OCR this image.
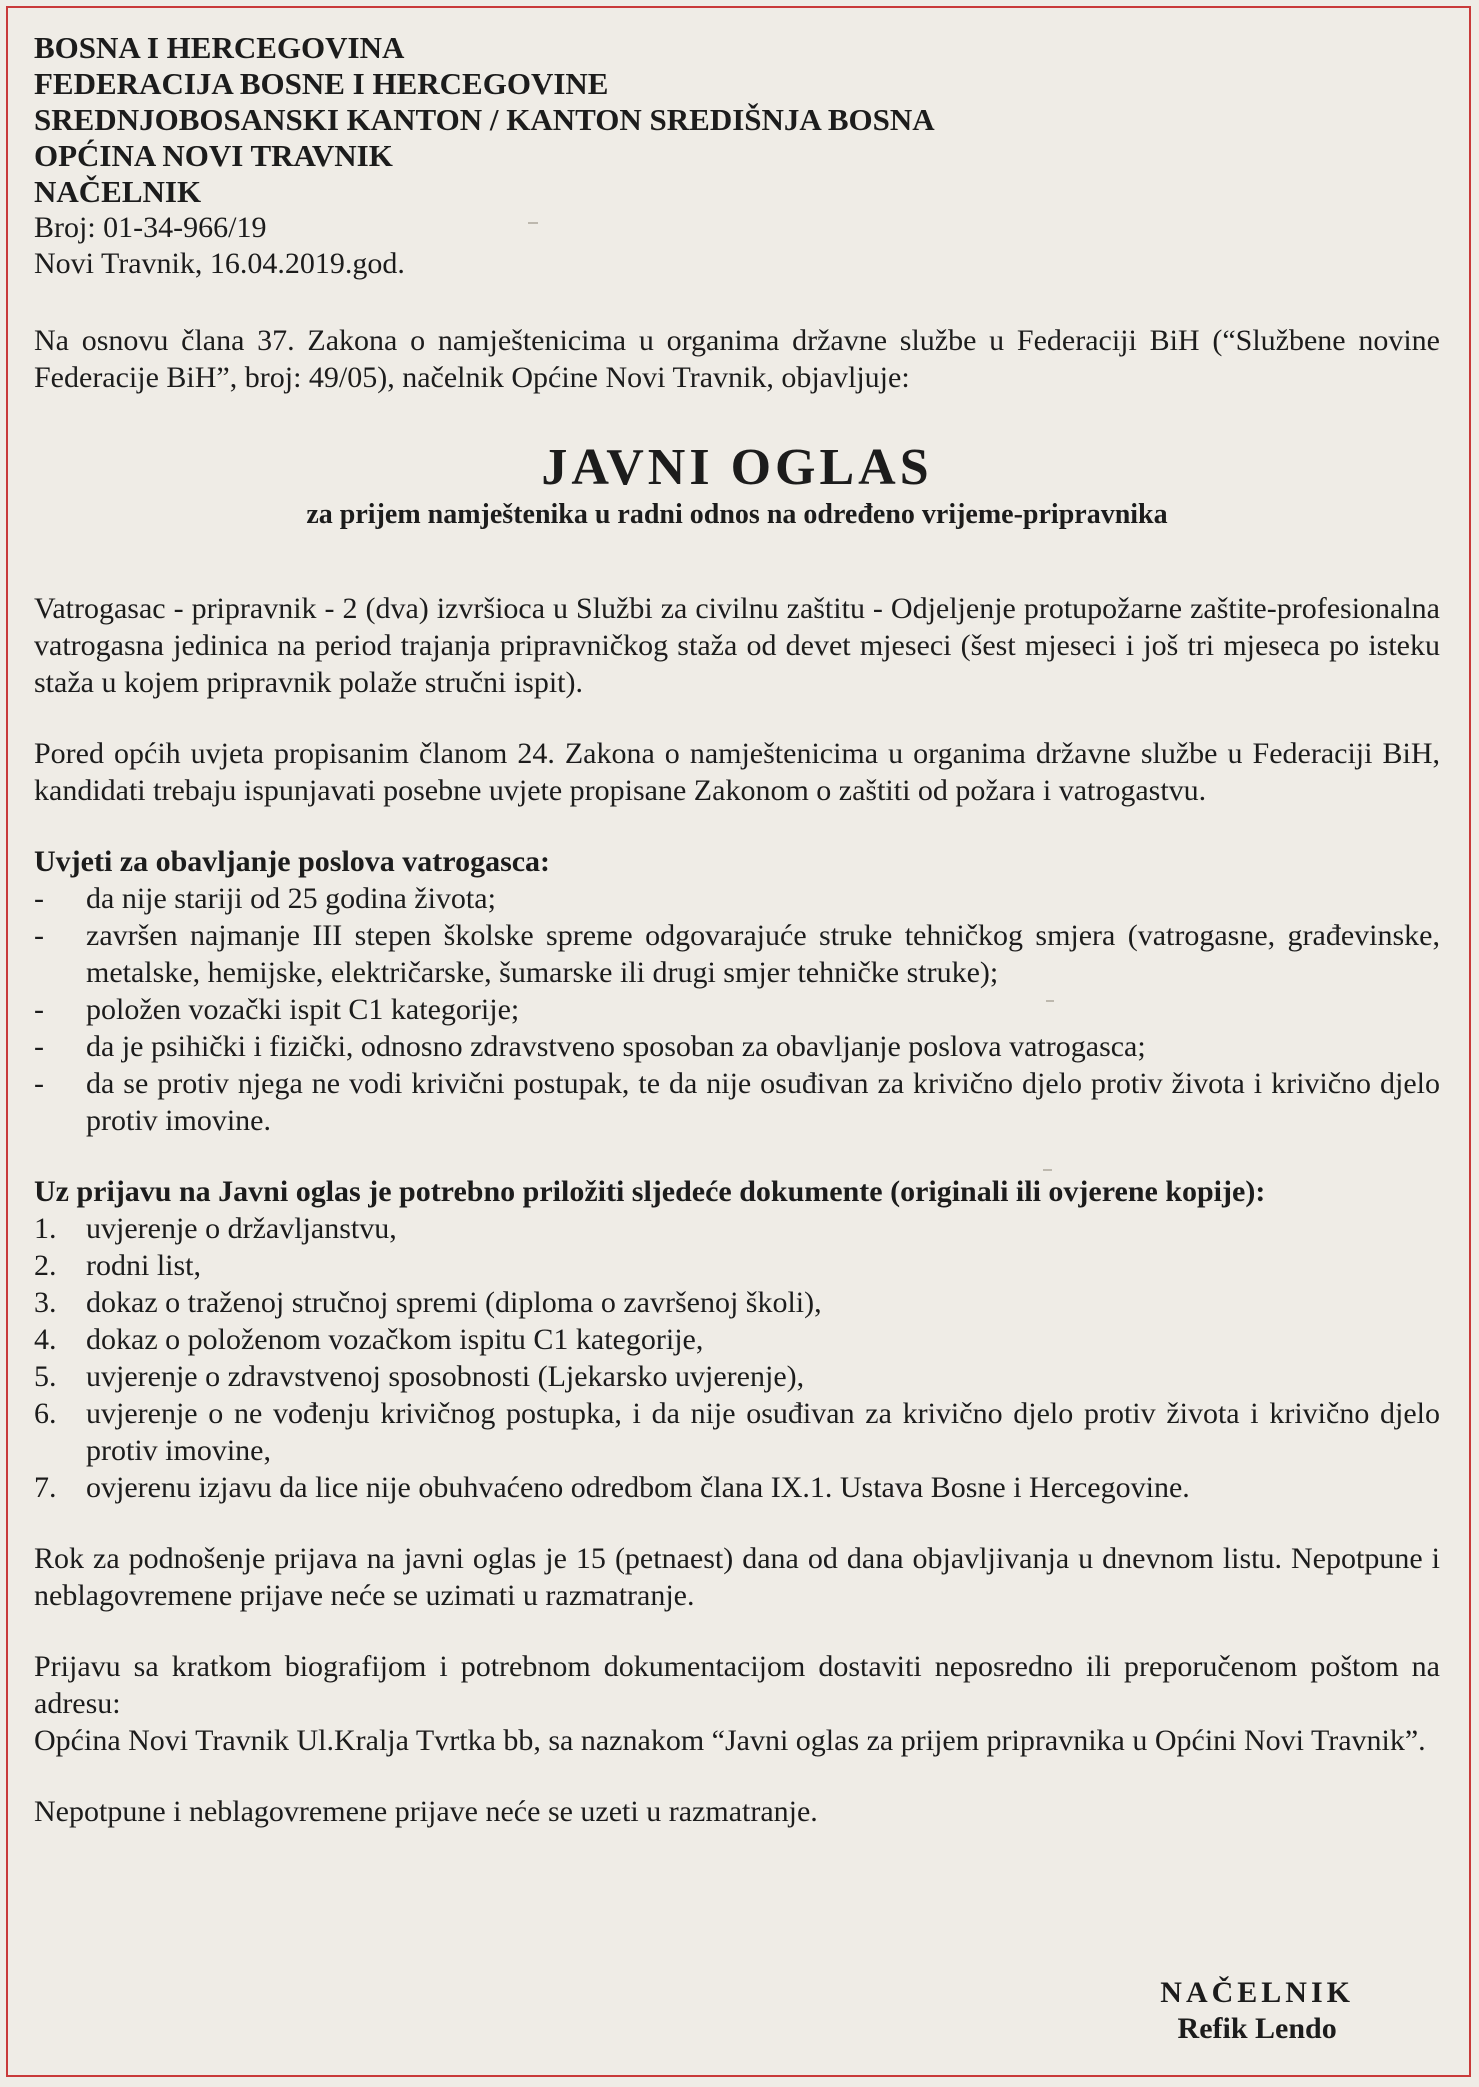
BOSNA I HERCEGOVINA
FEDERACIJA BOSNE I HERCEGOVINE
SREDNJOBOSANSKI KANTON / KANTON SREDIŠNJA BOSNA
OPĆINA NOVI TRAVNIK
NAČELNIK
Broj: 01-34-966/19
Novi Travnik, 16.04.2019.god.

Na osnovu člana 37. Zakona o namještenicima u organima državne službe u Federaciji BiH (“Službene novine Federacije BiH”, broj: 49/05), načelnik Općine Novi Travnik, objavljuje:

JAVNI OGLAS

za prijem namještenika u radni odnos na određeno vrijeme-pripravnika

Vatrogasac - pripravnik - 2 (dva) izvršioca u Službi za civilnu zaštitu - Odjeljenje protupožarne zaštite-profesionalna vatrogasna jedinica na period trajanja pripravničkog staža od devet mjeseci (šest mjeseci i još tri mjeseca po isteku staža u kojem pripravnik polaže stručni ispit).

Pored općih uvjeta propisanim članom 24. Zakona o namještenicima u organima državne službe u Federaciji BiH, kandidati trebaju ispunjavati posebne uvjete propisane Zakonom o zaštiti od požara i vatrogastvu.

Uvjeti za obavljanje poslova vatrogasca:
-	da nije stariji od 25 godina života;
-	završen najmanje III stepen školske spreme odgovarajuće struke tehničkog smjera (vatrogasne, građevinske, metalske, hemijske, električarske, šumarske ili drugi smjer tehničke struke);
-	položen vozački ispit C1 kategorije;
-	da je psihički i fizički, odnosno zdravstveno sposoban za obavljanje poslova vatrogasca;
-	da se protiv njega ne vodi krivični postupak, te da nije osuđivan za krivično djelo protiv života i krivično djelo protiv imovine.
Uz prijavu na Javni oglas je potrebno priložiti sljedeće dokumente (originali ili ovjerene kopije):
1. uvjerenje o državljanstvu,
2. rodni list,
3. dokaz o traženoj stručnoj spremi (diploma o završenoj školi),
4. dokaz o položenom vozačkom ispitu C1 kategorije,
5. uvjerenje o zdravstvenoj sposobnosti (Ljekarsko uvjerenje),
6. uvjerenje o ne vođenju krivičnog postupka, i da nije osuđivan za krivično djelo protiv života i krivično djelo protiv imovine,
7. ovjerenu izjavu da lice nije obuhvaćeno odredbom člana IX.1. Ustava Bosne i Hercegovine.

Rok za podnošenje prijava na javni oglas je 15 (petnaest) dana od dana objavljivanja u dnevnom listu. Nepotpune i neblagovremene prijave neće se uzimati u razmatranje.

Prijavu sa kratkom biografijom i potrebnom dokumentacijom dostaviti neposredno ili preporučenom poštom na adresu:

Općina Novi Travnik Ul.Kralja Tvrtka bb, sa naznakom “Javni oglas za prijem pripravnika u Općini Novi Travnik”.

Nepotpune i neblagovremene prijave neće se uzeti u razmatranje.

NAČELNIK
Refik Lendo
